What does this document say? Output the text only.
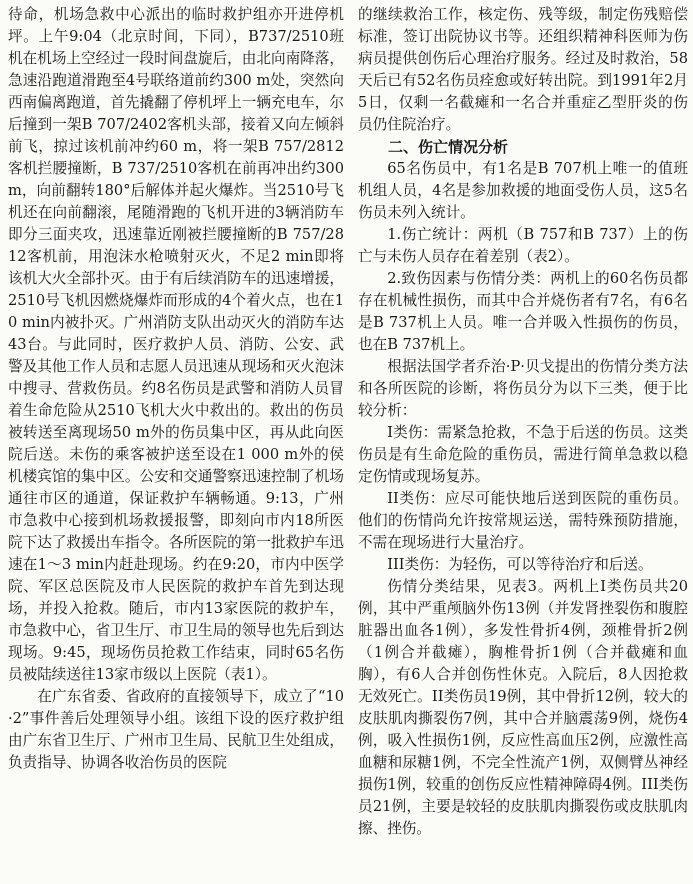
待命，机场急救中心派出的临时救护组亦开进停机坪。上午9:04（北京时间，下同），B737/2510班机在机场上空经过一段时间盘旋后，由北向南降落，急速沿跑道滑跑至4号联络道前约300 m处，突然向西南偏离跑道，首先撬翻了停机坪上一辆充电车，尔后撞到一架B 707/2402客机头部，接着又向左倾斜前飞，掠过该机前冲约60 m，将一架B 757/2812客机拦腰撞断，B 737/2510客机在前再冲出约300 m，向前翻转180°后解体并起火爆炸。当2510号飞机还在向前翻滚，尾随滑跑的飞机开进的3辆消防车即分三面夹攻，迅速靠近刚被拦腰撞断的B 757/2812客机前，用泡沫水枪喷射灭火，不足2 min即将该机大火全部扑灭。由于有后续消防车的迅速增援，2510号飞机因燃烧爆炸而形成的4个着火点，也在10 min内被扑灭。广州消防支队出动灭火的消防车达43台。与此同时，医疗救护人员、消防、公安、武警及其他工作人员和志愿人员迅速从现场和灭火泡沫中搜寻、营救伤员。约8名伤员是武警和消防人员冒着生命危险从2510飞机大火中救出的。救出的伤员被转送至离现场50 m外的伤员集中区，再从此向医院后送。未伤的乘客被护送至设在1 000 m外的侯机楼宾馆的集中区。公安和交通警察迅速控制了机场通往市区的通道，保证救护车辆畅通。9:13，广州市急救中心接到机场救援报警，即刻向市内18所医院下达了救援出车指令。各所医院的第一批救护车迅速在1～3 min内赶赴现场。约在9:20，市内中医学院、军区总医院及市人民医院的救护车首先到达现场，并投入抢救。随后，市内13家医院的救护车，市急救中心，省卫生厅、市卫生局的领导也先后到达现场。9:45，现场伤员抢救工作结束，同时65名伤员被陆续送往13家市级以上医院（表1）。

在广东省委、省政府的直接领导下，成立了“10·2”事件善后处理领导小组。该组下设的医疗救护组由广东省卫生厅、广州市卫生局、民航卫生处组成，负责指导、协调各收治伤员的医院

的继续救治工作，核定伤、残等级，制定伤残赔偿标准，签订出院协议书等。还组织精神科医师为伤病员提供创伤后心理治疗服务。经过及时救治，58天后已有52名伤员痊愈或好转出院。到1991年2月5日，仅剩一名截瘫和一名合并重症乙型肝炎的伤员仍住院治疗。

二、伤亡情况分析

65名伤员中，有1名是B 707机上唯一的值班机组人员，4名是参加救援的地面受伤人员，这5名伤员未列入统计。

1.伤亡统计：两机（B 757和B 737）上的伤亡与未伤人员存在着差别（表2）。

2.致伤因素与伤情分类：两机上的60名伤员都存在机械性损伤，而其中合并烧伤者有7名，有6名是B 737机上人员。唯一合并吸入性损伤的伤员，也在B 737机上。

根据法国学者乔治·P·贝戈提出的伤情分类方法和各所医院的诊断，将伤员分为以下三类，便于比较分析：

I类伤：需紧急抢救，不急于后送的伤员。这类伤员是有生命危险的重伤员，需进行简单急救以稳定伤情或现场复苏。

II类伤：应尽可能快地后送到医院的重伤员。他们的伤情尚允许按常规运送，需特殊预防措施，不需在现场进行大量治疗。

III类伤：为轻伤，可以等待治疗和后送。

伤情分类结果，见表3。两机上I类伤员共20例，其中严重颅脑外伤13例（并发肾挫裂伤和腹腔脏器出血各1例），多发性骨折4例，颈椎骨折2例（1例合并截瘫），胸椎骨折1例（合并截瘫和血胸），有6人合并创伤性休克。入院后，8人因抢救无效死亡。II类伤员19例，其中骨折12例，较大的皮肤肌肉撕裂伤7例，其中合并脑震荡9例，烧伤4例，吸入性损伤1例，反应性高血压2例，应激性高血糖和尿糖1例，不完全性流产1例，双侧臂丛神经损伤1例，较重的创伤反应性精神障碍4例。III类伤员21例，主要是较轻的皮肤肌肉撕裂伤或皮肤肌肉擦、挫伤。
